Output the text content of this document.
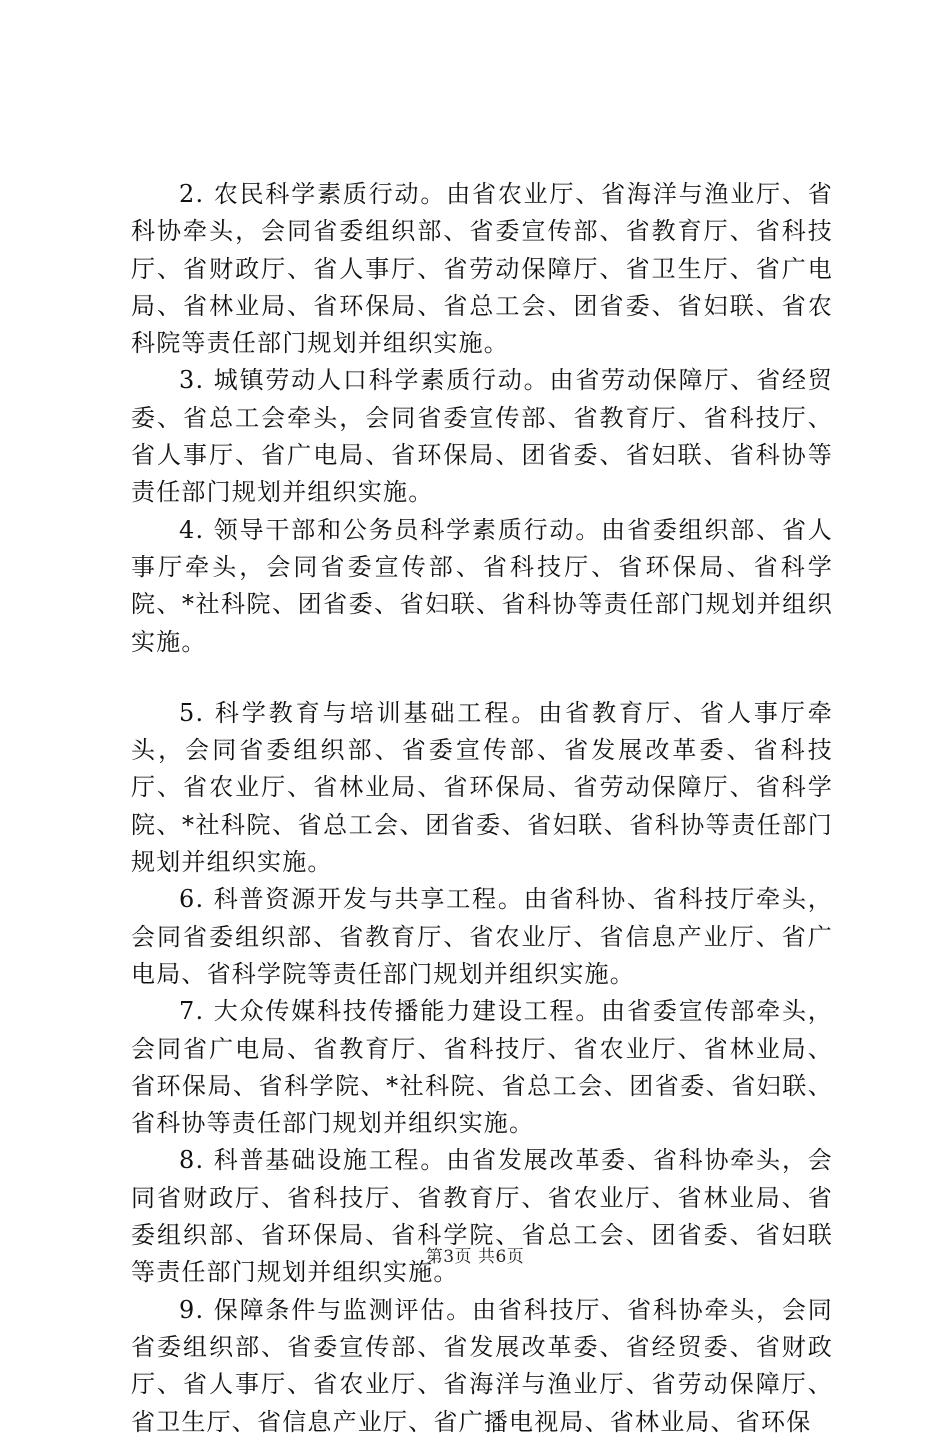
2. 农民科学素质行动。由省农业厅、省海洋与渔业厅、省科协牵头，会同省委组织部、省委宣传部、省教育厅、省科技厅、省财政厅、省人事厅、省劳动保障厅、省卫生厅、省广电局、省林业局、省环保局、省总工会、团省委、省妇联、省农科院等责任部门规划并组织实施。

3. 城镇劳动人口科学素质行动。由省劳动保障厅、省经贸委、省总工会牵头，会同省委宣传部、省教育厅、省科技厅、省人事厅、省广电局、省环保局、团省委、省妇联、省科协等责任部门规划并组织实施。

4. 领导干部和公务员科学素质行动。由省委组织部、省人事厅牵头，会同省委宣传部、省科技厅、省环保局、省科学院、*社科院、团省委、省妇联、省科协等责任部门规划并组织实施。

5. 科学教育与培训基础工程。由省教育厅、省人事厅牵头，会同省委组织部、省委宣传部、省发展改革委、省科技厅、省农业厅、省林业局、省环保局、省劳动保障厅、省科学院、*社科院、省总工会、团省委、省妇联、省科协等责任部门规划并组织实施。

6. 科普资源开发与共享工程。由省科协、省科技厅牵头，会同省委组织部、省教育厅、省农业厅、省信息产业厅、省广电局、省科学院等责任部门规划并组织实施。

7. 大众传媒科技传播能力建设工程。由省委宣传部牵头，会同省广电局、省教育厅、省科技厅、省农业厅、省林业局、省环保局、省科学院、*社科院、省总工会、团省委、省妇联、省科协等责任部门规划并组织实施。

8. 科普基础设施工程。由省发展改革委、省科协牵头，会同省财政厅、省科技厅、省教育厅、省农业厅、省林业局、省委组织部、省环保局、省科学院、省总工会、团省委、省妇联等责任部门规划并组织实施。

9. 保障条件与监测评估。由省科技厅、省科协牵头，会同省委组织部、省委宣传部、省发展改革委、省经贸委、省财政厅、省人事厅、省农业厅、省海洋与渔业厅、省劳动保障厅、省卫生厅、省信息产业厅、省广播电视局、省林业局、省环保

第3页 共6页
